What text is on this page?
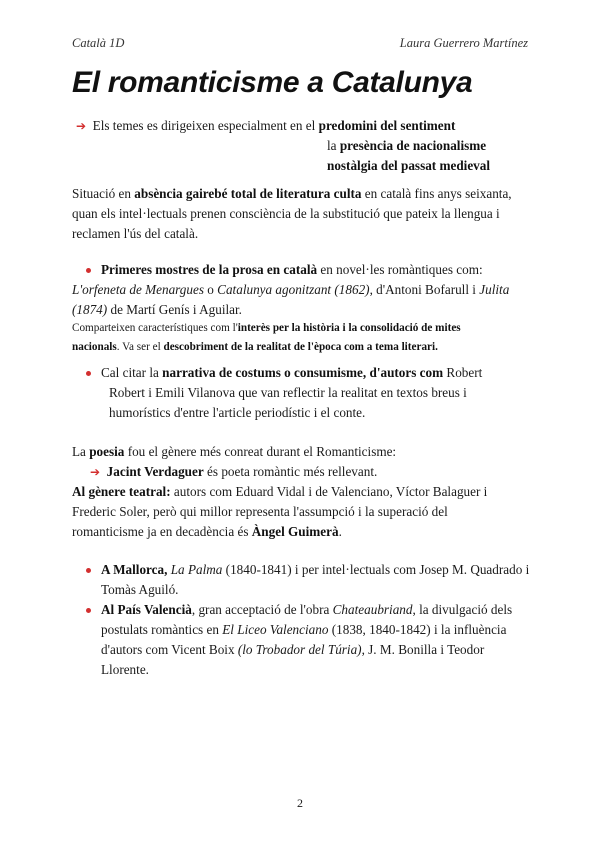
Català 1D	Laura Guerrero Martínez
El romanticisme a Catalunya
➔ Els temes es dirigeixen especialment en el predomini del sentiment
la presència de nacionalisme
nostàlgia del passat medieval
Situació en absència gairebé total de literatura culta en català fins anys seixanta,
quan els intel·lectuals prenen consciència de la substitució que pateix la llengua i
reclamen l'ús del català.
Primeres mostres de la prosa en català en novel·les romàntiques com:
L'orfeneta de Menargues o Catalunya agonitzant (1862), d'Antoni Bofarull i Julita
(1874) de Martí Genís i Aguilar.
Comparteixen característiques com l'interès per la història i la consolidació de mites
nacionals. Va ser el descobriment de la realitat de l'època com a tema literari.
Cal citar la narrativa de costums o consumisme, d'autors com Robert
Robert i Emili Vilanova que van reflectir la realitat en textos breus i
humorístics d'entre l'article periodístic i el conte.
La poesia fou el gènere més conreat durant el Romanticisme:
➔ Jacint Verdaguer és poeta romàntic més rellevant.
Al gènere teatral: autors com Eduard Vidal i de Valenciano, Víctor Balaguer i
Frederic Soler, però qui millor representa l'assumpció i la superació del
romanticisme ja en decadència és Àngel Guimerà.
A Mallorca, La Palma (1840-1841) i per intel·lectuals com Josep M. Quadrado i
Tomàs Aguiló.
Al País Valencià, gran acceptació de l'obra Chateaubriand, la divulgació dels
postulats romàntics en El Liceo Valenciano (1838, 1840-1842) i la influència
d'autors com Vicent Boix (lo Trobador del Túria), J. M. Bonilla i Teodor
Llorente.
2
